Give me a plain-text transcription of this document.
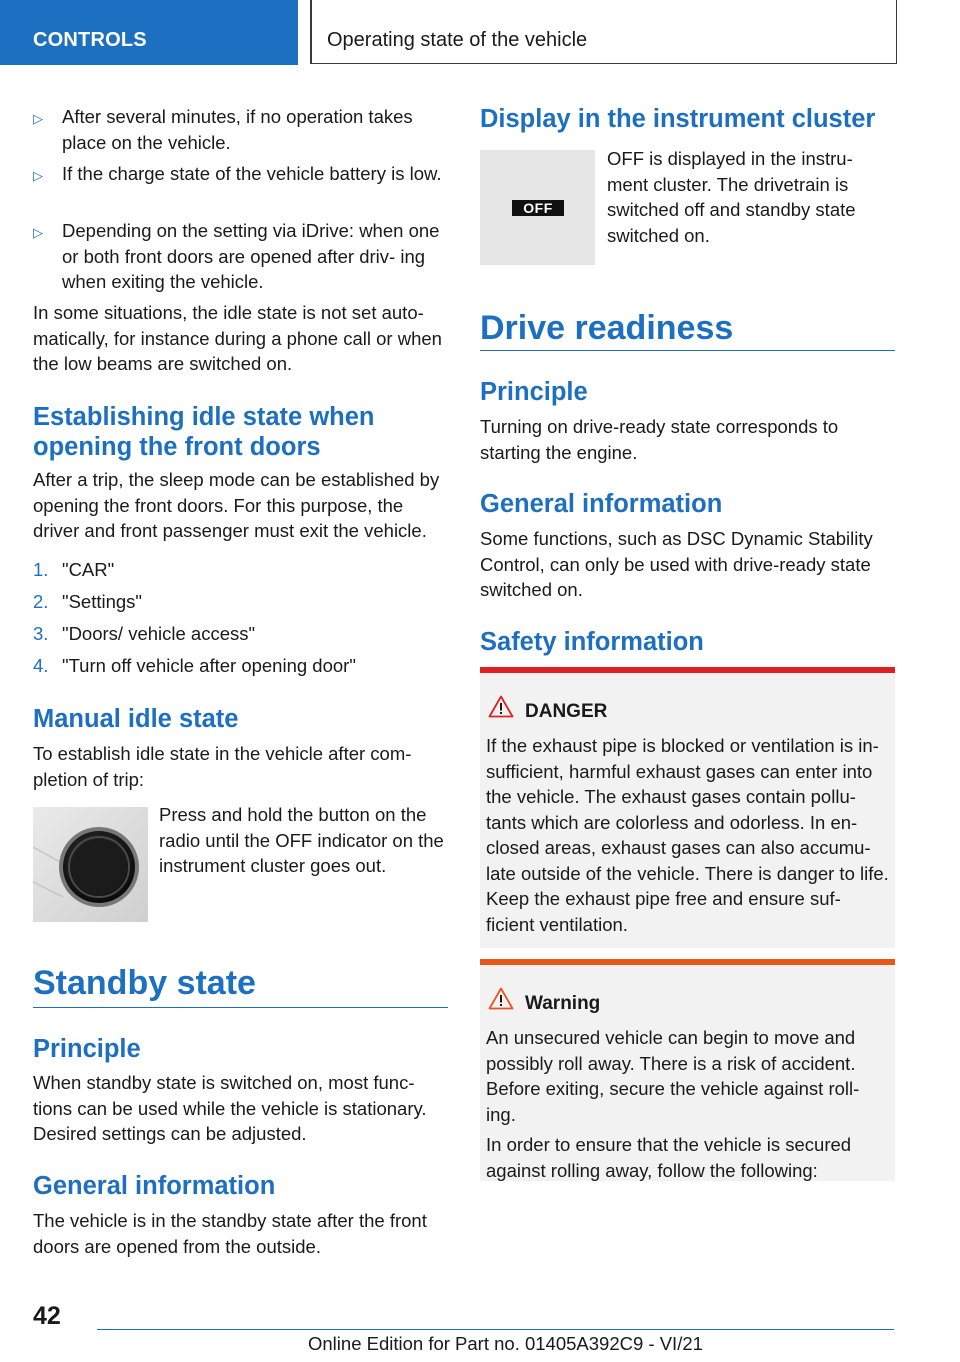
CONTROLS	Operating state of the vehicle
▷ After several minutes, if no operation takes place on the vehicle.
▷ If the charge state of the vehicle battery is low.
▷ Depending on the setting via iDrive: when one or both front doors are opened after driv‐ ing when exiting the vehicle.

In some situations, the idle state is not set auto‐ matically, for instance during a phone call or when the low beams are switched on.

Establishing idle state when opening the front doors

After a trip, the sleep mode can be established by opening the front doors. For this purpose, the driver and front passenger must exit the vehicle.

1. "CAR"
2. "Settings"
3. "Doors/ vehicle access"
4. "Turn off vehicle after opening door"
Manual idle state

To establish idle state in the vehicle after com‐ pletion of trip:

Press and hold the button on the radio until the OFF indicator on the instrument cluster goes out.

Standby state
Principle

When standby state is switched on, most func‐ tions can be used while the vehicle is stationary. Desired settings can be adjusted.

General information

The vehicle is in the standby state after the front doors are opened from the outside.

Display in the instrument cluster
OFF

OFF is displayed in the instru‐ ment cluster. The drivetrain is switched off and standby state switched on.

Drive readiness
Principle

Turning on drive-ready state corresponds to starting the engine.

General information

Some functions, such as DSC Dynamic Stability Control, can only be used with drive-ready state switched on.

Safety information
DANGER

If the exhaust pipe is blocked or ventilation is in‐ sufficient, harmful exhaust gases can enter into the vehicle. The exhaust gases contain pollu‐ tants which are colorless and odorless. In en‐ closed areas, exhaust gases can also accumu‐ late outside of the vehicle. There is danger to life. Keep the exhaust pipe free and ensure suf‐ ficient ventilation.

Warning

An unsecured vehicle can begin to move and possibly roll away. There is a risk of accident. Before exiting, secure the vehicle against roll‐ ing.

In order to ensure that the vehicle is secured against rolling away, follow the following:

42
Online Edition for Part no. 01405A392C9 - VI/21
